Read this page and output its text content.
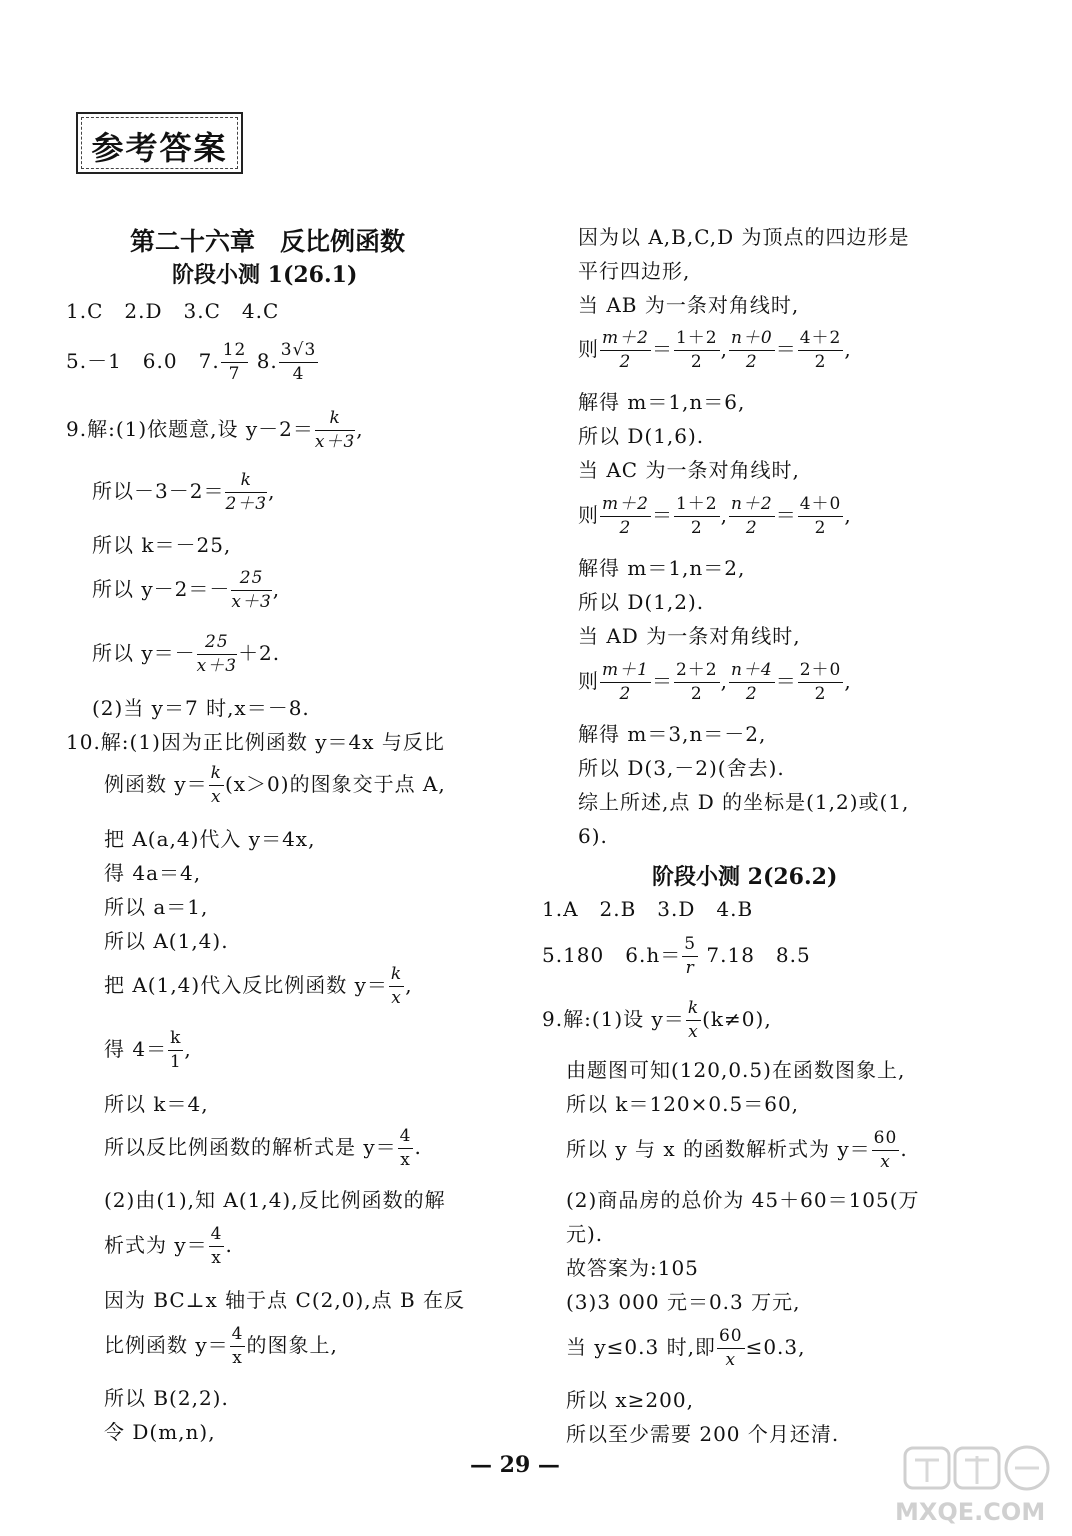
参考答案
第二十六章　反比例函数
阶段小测 1(26.1)
1.C　2.D　3.C　4.C
5.－1　6.0　7. $\frac{12}{7} 8$. $\frac{3√3}{4}$
9.解:(1)依题意,设 $y-2= \frac{k}{x+3}$ ,
所以$-3-2= \frac{k}{2+3}$ ,
所以 k＝－25,
所以 $y-2=- \frac{25}{x+3}$ ,
所以 $y=- \frac{25}{x+3} +2$.
(2)当 y＝7 时,x＝－8.
10.解:(1)因为正比例函数 y＝4x 与反比
例函数 $y= \frac{k}{x} (x>0)$的图象交于点 A,
把 A(a,4)代入 y＝4x,
得 4a＝4,
所以 a＝1,
所以 A(1,4).
把 A(1,4)代入反比例函数 $y= \frac{k}{x}$ ,
得 $4= \frac{k}{1}$ ,
所以 k＝4,
所以反比例函数的解析式是 $y= \frac{4}{x}$ .
(2)由(1),知 A(1,4),反比例函数的解
析式为 $y= \frac{4}{x}$ .
因为 BC⊥x 轴于点 C(2,0),点 B 在反
比例函数 $y= \frac{4}{x}$ 的图象上,
所以 B(2,2).
令 D(m,n),
因为以 A,B,C,D 为顶点的四边形是
平行四边形,
当 AB 为一条对角线时,
则 $\frac{m+2}{2} = \frac{1+2}{2}$ , $\frac{n+0}{2} = \frac{4+2}{2}$ ,
解得 m＝1,n＝6,
所以 D(1,6).
当 AC 为一条对角线时,
则 $\frac{m+2}{2} = \frac{1+2}{2}$ , $\frac{n+2}{2} = \frac{4+0}{2}$ ,
解得 m＝1,n＝2,
所以 D(1,2).
当 AD 为一条对角线时,
则 $\frac{m+1}{2} = \frac{2+2}{2}$ , $\frac{n+4}{2} = \frac{2+0}{2}$ ,
解得 m＝3,n＝－2,
所以 D(3,－2)(舍去).
综上所述,点 D 的坐标是(1,2)或(1,
6).
阶段小测 2(26.2)
1.A　2.B　3.D　4.B
5.180　$6.h= \frac{5}{r} 7.18$　8.5
9.解:(1)设 $y= \frac{k}{x} (k\ne 0)$,
由题图可知(120,0.5)在函数图象上,
所以 k＝120×0.5＝60,
所以 y 与 x 的函数解析式为 $y= \frac{60}{x}$ .
(2)商品房的总价为 45＋60＝105(万
元).
故答案为:105
(3)3 000 元＝0.3 万元,
当 y≤0.3 时,即 $\frac{60}{x} \le 0.3$,
所以 x≥200,
所以至少需要 200 个月还清.
— 29 —
MXQE.COM
